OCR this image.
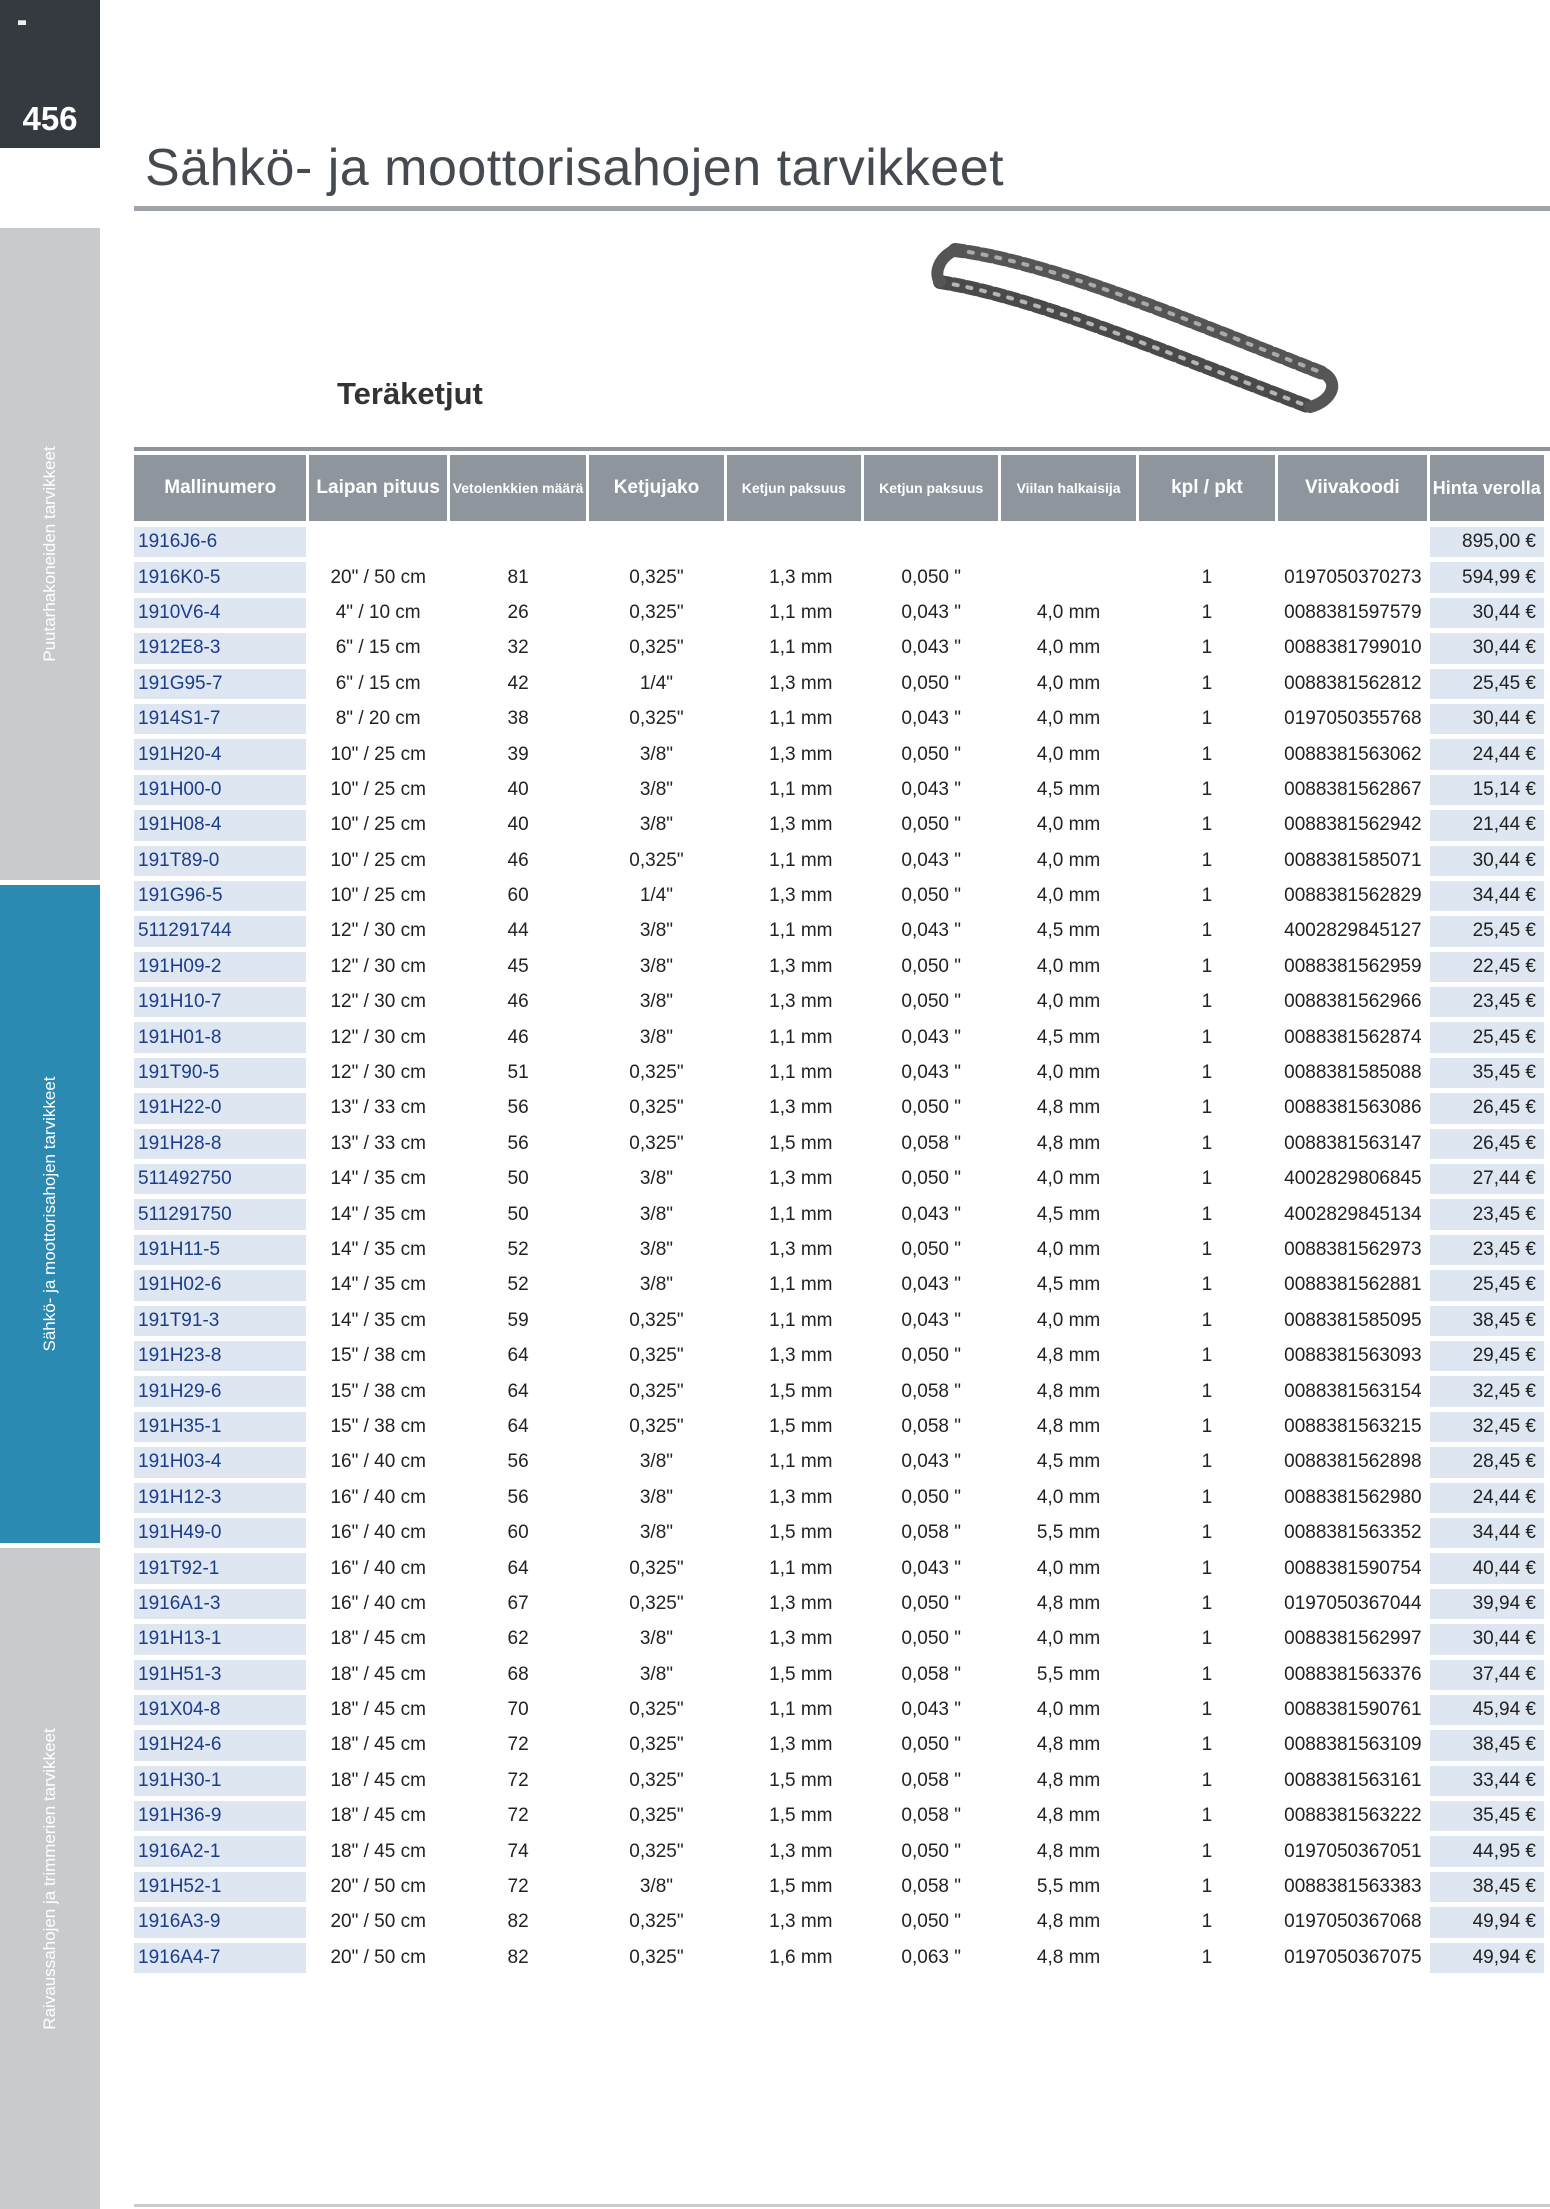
456
Puutarhakoneiden tarvikkeet
Sähkö- ja moottorisahojen tarvikkeet
Raivaussahojen ja trimmerien tarvikkeet
Sähkö- ja moottorisahojen tarvikkeet
Teräketjut
Mallinumero	Laipan pituus	Vetolenkkien määrä	Ketjujako	Ketjun paksuus	Ketjun paksuus	Viilan halkaisija	kpl / pkt	Viivakoodi	Hinta verolla
1916J6-6									895,00 €
1916K0-5	20" / 50 cm	81	0,325"	1,3 mm	0,050 "		1	0197050370273	594,99 €
1910V6-4	4" / 10 cm	26	0,325"	1,1 mm	0,043 "	4,0 mm	1	0088381597579	30,44 €
1912E8-3	6" / 15 cm	32	0,325"	1,1 mm	0,043 "	4,0 mm	1	0088381799010	30,44 €
191G95-7	6" / 15 cm	42	1/4"	1,3 mm	0,050 "	4,0 mm	1	0088381562812	25,45 €
1914S1-7	8" / 20 cm	38	0,325"	1,1 mm	0,043 "	4,0 mm	1	0197050355768	30,44 €
191H20-4	10" / 25 cm	39	3/8"	1,3 mm	0,050 "	4,0 mm	1	0088381563062	24,44 €
191H00-0	10" / 25 cm	40	3/8"	1,1 mm	0,043 "	4,5 mm	1	0088381562867	15,14 €
191H08-4	10" / 25 cm	40	3/8"	1,3 mm	0,050 "	4,0 mm	1	0088381562942	21,44 €
191T89-0	10" / 25 cm	46	0,325"	1,1 mm	0,043 "	4,0 mm	1	0088381585071	30,44 €
191G96-5	10" / 25 cm	60	1/4"	1,3 mm	0,050 "	4,0 mm	1	0088381562829	34,44 €
511291744	12" / 30 cm	44	3/8"	1,1 mm	0,043 "	4,5 mm	1	4002829845127	25,45 €
191H09-2	12" / 30 cm	45	3/8"	1,3 mm	0,050 "	4,0 mm	1	0088381562959	22,45 €
191H10-7	12" / 30 cm	46	3/8"	1,3 mm	0,050 "	4,0 mm	1	0088381562966	23,45 €
191H01-8	12" / 30 cm	46	3/8"	1,1 mm	0,043 "	4,5 mm	1	0088381562874	25,45 €
191T90-5	12" / 30 cm	51	0,325"	1,1 mm	0,043 "	4,0 mm	1	0088381585088	35,45 €
191H22-0	13" / 33 cm	56	0,325"	1,3 mm	0,050 "	4,8 mm	1	0088381563086	26,45 €
191H28-8	13" / 33 cm	56	0,325"	1,5 mm	0,058 "	4,8 mm	1	0088381563147	26,45 €
511492750	14" / 35 cm	50	3/8"	1,3 mm	0,050 "	4,0 mm	1	4002829806845	27,44 €
511291750	14" / 35 cm	50	3/8"	1,1 mm	0,043 "	4,5 mm	1	4002829845134	23,45 €
191H11-5	14" / 35 cm	52	3/8"	1,3 mm	0,050 "	4,0 mm	1	0088381562973	23,45 €
191H02-6	14" / 35 cm	52	3/8"	1,1 mm	0,043 "	4,5 mm	1	0088381562881	25,45 €
191T91-3	14" / 35 cm	59	0,325"	1,1 mm	0,043 "	4,0 mm	1	0088381585095	38,45 €
191H23-8	15" / 38 cm	64	0,325"	1,3 mm	0,050 "	4,8 mm	1	0088381563093	29,45 €
191H29-6	15" / 38 cm	64	0,325"	1,5 mm	0,058 "	4,8 mm	1	0088381563154	32,45 €
191H35-1	15" / 38 cm	64	0,325"	1,5 mm	0,058 "	4,8 mm	1	0088381563215	32,45 €
191H03-4	16" / 40 cm	56	3/8"	1,1 mm	0,043 "	4,5 mm	1	0088381562898	28,45 €
191H12-3	16" / 40 cm	56	3/8"	1,3 mm	0,050 "	4,0 mm	1	0088381562980	24,44 €
191H49-0	16" / 40 cm	60	3/8"	1,5 mm	0,058 "	5,5 mm	1	0088381563352	34,44 €
191T92-1	16" / 40 cm	64	0,325"	1,1 mm	0,043 "	4,0 mm	1	0088381590754	40,44 €
1916A1-3	16" / 40 cm	67	0,325"	1,3 mm	0,050 "	4,8 mm	1	0197050367044	39,94 €
191H13-1	18" / 45 cm	62	3/8"	1,3 mm	0,050 "	4,0 mm	1	0088381562997	30,44 €
191H51-3	18" / 45 cm	68	3/8"	1,5 mm	0,058 "	5,5 mm	1	0088381563376	37,44 €
191X04-8	18" / 45 cm	70	0,325"	1,1 mm	0,043 "	4,0 mm	1	0088381590761	45,94 €
191H24-6	18" / 45 cm	72	0,325"	1,3 mm	0,050 "	4,8 mm	1	0088381563109	38,45 €
191H30-1	18" / 45 cm	72	0,325"	1,5 mm	0,058 "	4,8 mm	1	0088381563161	33,44 €
191H36-9	18" / 45 cm	72	0,325"	1,5 mm	0,058 "	4,8 mm	1	0088381563222	35,45 €
1916A2-1	18" / 45 cm	74	0,325"	1,3 mm	0,050 "	4,8 mm	1	0197050367051	44,95 €
191H52-1	20" / 50 cm	72	3/8"	1,5 mm	0,058 "	5,5 mm	1	0088381563383	38,45 €
1916A3-9	20" / 50 cm	82	0,325"	1,3 mm	0,050 "	4,8 mm	1	0197050367068	49,94 €
1916A4-7	20" / 50 cm	82	0,325"	1,6 mm	0,063 "	4,8 mm	1	0197050367075	49,94 €
